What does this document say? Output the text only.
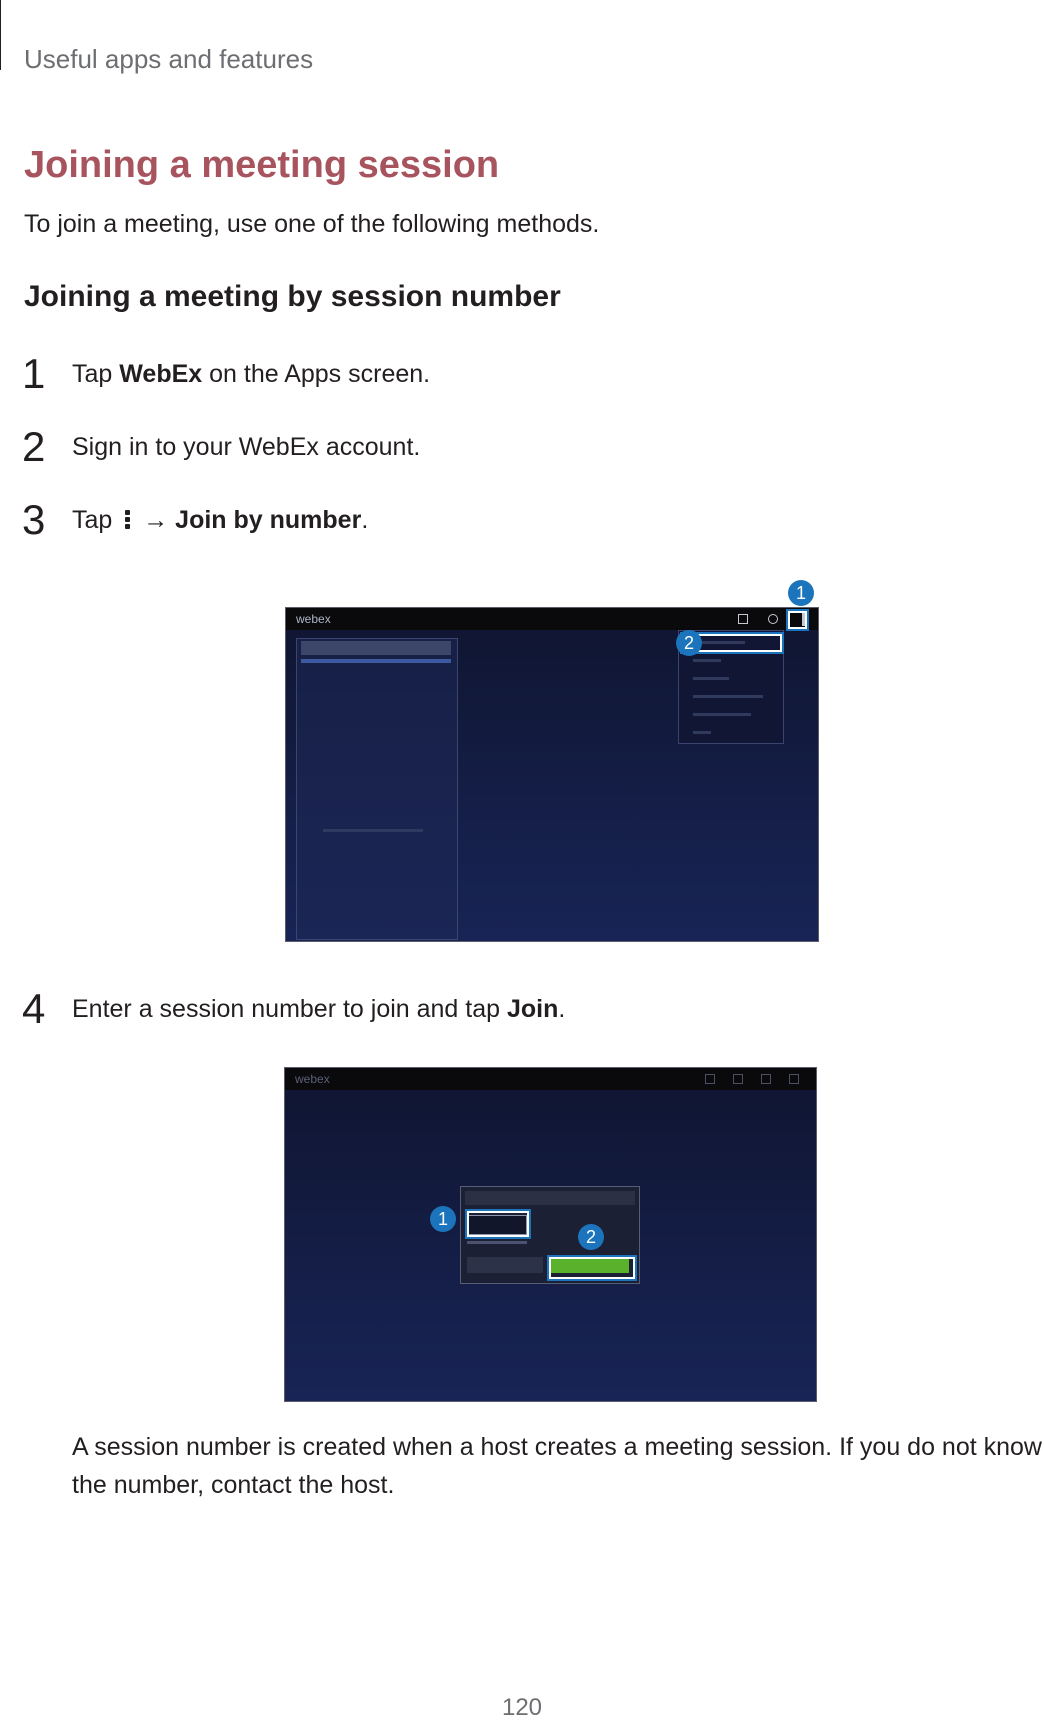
Useful apps and features
Joining a meeting session
To join a meeting, use one of the following methods.
Joining a meeting by session number
1 Tap WebEx on the Apps screen.
2 Sign in to your WebEx account.
3 Tap
→ Join by number.
webex
1
2
4 Enter a session number to join and tap Join.
webex
1
2
A session number is created when a host creates a meeting session. If you do not know the number, contact the host.
120
